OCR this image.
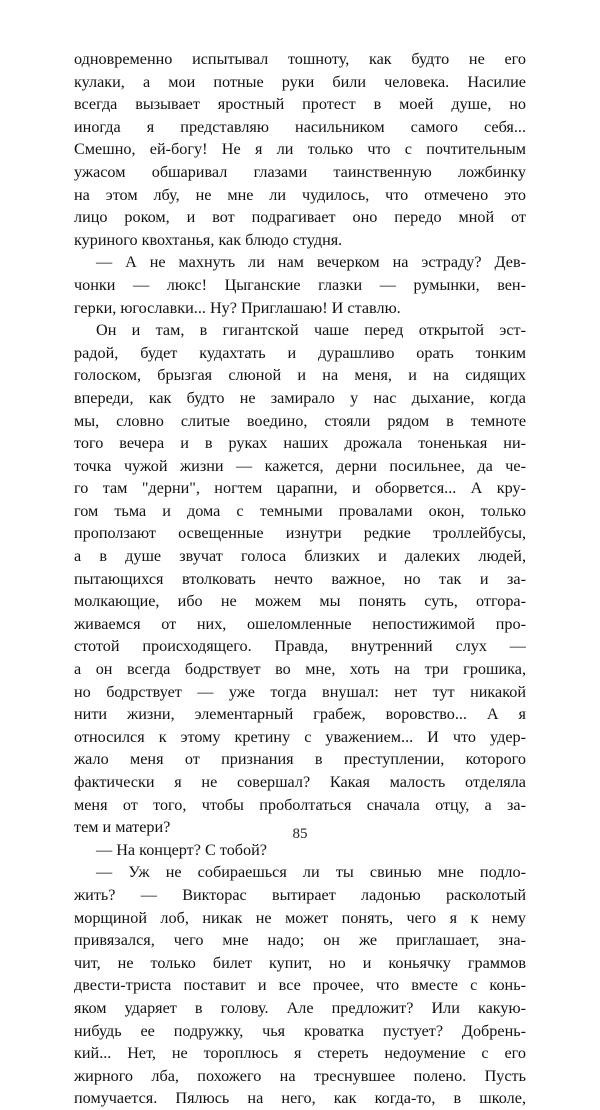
одновременно испытывал тошноту, как будто не его
кулаки, а мои потные руки били человека. Насилие
всегда вызывает яростный протест в моей душе, но
иногда я представляю насильником самого себя...
Смешно, ей-богу! Не я ли только что с почтительным
ужасом обшаривал глазами таинственную ложбинку
на этом лбу, не мне ли чудилось, что отмечено это
лицо роком, и вот подрагивает оно передо мной от
куриного квохтанья, как блюдо студня.
— А не махнуть ли нам вечерком на эстраду? Дев-
чонки — люкс! Цыганские глазки — румынки, вен-
герки, югославки... Ну? Приглашаю! И ставлю.
Он и там, в гигантской чаше перед открытой эст-
радой, будет кудахтать и дурашливо орать тонким
голоском, брызгая слюной и на меня, и на сидящих
впереди, как будто не замирало у нас дыхание, когда
мы, словно слитые воедино, стояли рядом в темноте
того вечера и в руках наших дрожала тоненькая ни-
точка чужой жизни — кажется, дерни посильнее, да че-
го там "дерни", ногтем царапни, и оборвется... А кру-
гом тьма и дома с темными провалами окон, только
проползают освещенные изнутри редкие троллейбусы,
а в душе звучат голоса близких и далеких людей,
пытающихся втолковать нечто важное, но так и за-
молкающие, ибо не можем мы понять суть, отгора-
живаемся от них, ошеломленные непостижимой про-
стотой происходящего. Правда, внутренний слух —
а он всегда бодрствует во мне, хоть на три грошика,
но бодрствует — уже тогда внушал: нет тут никакой
нити жизни, элементарный грабеж, воровство... А я
относился к этому кретину с уважением... И что удер-
жало меня от признания в преступлении, которого
фактически я не совершал? Какая малость отделяла
меня от того, чтобы проболтаться сначала отцу, а за-
тем и матери?
— На концерт? С тобой?
— Уж не собираешься ли ты свинью мне подло-
жить? — Викторас вытирает ладонью расколотый
морщиной лоб, никак не может понять, чего я к нему
привязался, чего мне надо; он же приглашает, зна-
чит, не только билет купит, но и коньячку граммов
двести-триста поставит и все прочее, что вместе с конь-
яком ударяет в голову. Але предложит? Или какую-
нибудь ее подружку, чья кроватка пустует? Добрень-
кий... Нет, не тороплюсь я стереть недоумение с его
жирного лба, похожего на треснувшее полено. Пусть
помучается. Пялюсь на него, как когда-то, в школе,
85
